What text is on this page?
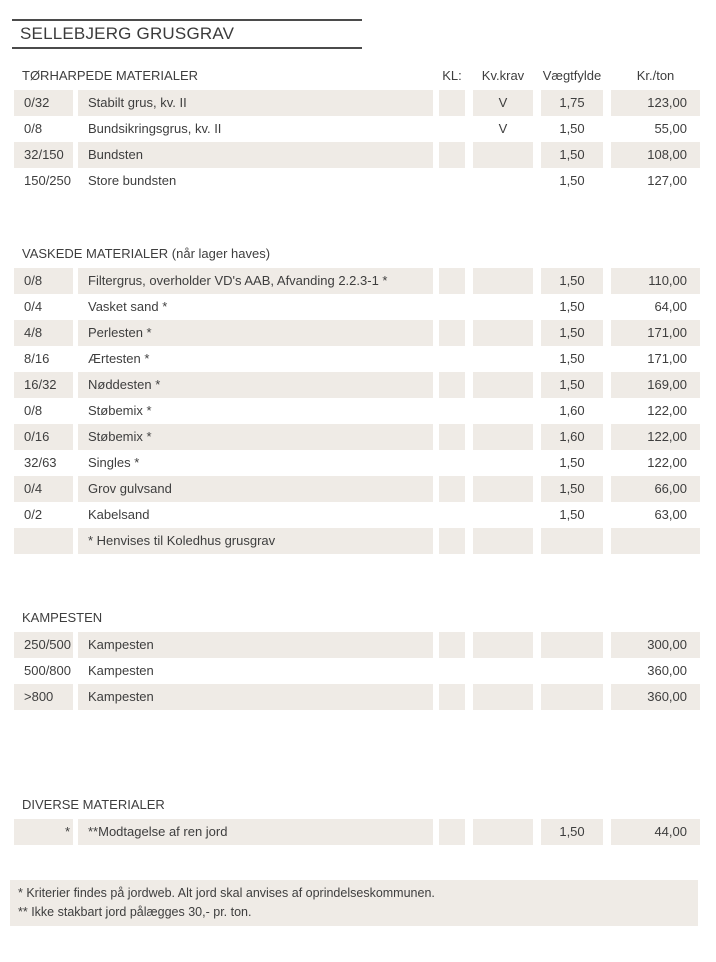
SELLEBJERG GRUSGRAV
TØRHARPEDE MATERIALER	KL:	Kv.krav	Vægtfylde	Kr./ton
0/32	Stabilt grus, kv. II	V	1,75	123,00
0/8	Bundsikringsgrus, kv. II	V	1,50	55,00
32/150	Bundsten	1,50	108,00
150/250	Store bundsten	1,50	127,00
VASKEDE MATERIALER (når lager haves)
0/8	Filtergrus, overholder VD's AAB, Afvanding 2.2.3-1 *	1,50	110,00
0/4	Vasket sand *	1,50	64,00
4/8	Perlesten *	1,50	171,00
8/16	Ærtesten *	1,50	171,00
16/32	Nøddesten *	1,50	169,00
0/8	Støbemix *	1,60	122,00
0/16	Støbemix *	1,60	122,00
32/63	Singles *	1,50	122,00
0/4	Grov gulvsand	1,50	66,00
0/2	Kabelsand	1,50	63,00
* Henvises til Koledhus grusgrav
KAMPESTEN
250/500	Kampesten	300,00
500/800	Kampesten	360,00
>800	Kampesten	360,00
DIVERSE MATERIALER
*	**Modtagelse af ren jord	1,50	44,00
* Kriterier findes på jordweb. Alt jord skal anvises af oprindelseskommunen.
** Ikke stakbart jord pålægges 30,- pr. ton.
